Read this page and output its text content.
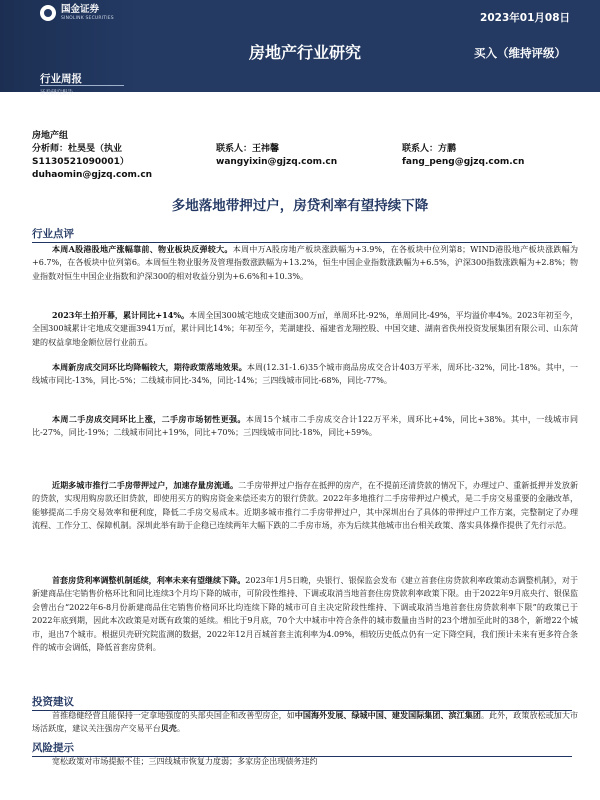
国金证券
SINOLINK SECURITIES	2023年01月08日
房地产行业研究	买入（维持评级）
行业周报
证券研究报告
房地产组
分析师：杜昊旻（执业
S1130521090001）
duhaomin@gjzq.com.cn
联系人：王祎馨
wangyixin@gjzq.com.cn
联系人：方鹏
fang_peng@gjzq.com.cn
多地落地带押过户，房贷利率有望持续下降
行业点评

本周A股港股地产涨幅靠前、物业板块反弹较大。本周中万A股房地产板块涨跌幅为+3.9%，在各板块中位列第8；WIND港股地产板块涨跌幅为+6.7%，在各板块中位列第6。本周恒生物业服务及管理指数涨跌幅为+13.2%，恒生中国企业指数涨跌幅为+6.5%，沪深300指数涨跌幅为+2.8%；物业指数对恒生中国企业指数和沪深300的相对收益分别为+6.6%和+10.3%。

2023年土拍开幕，累计同比+14%。本周全国300城宅地成交建面300万㎡，单周环比-92%，单周同比-49%，平均溢价率4%。2023年初至今，全国300城累计宅地成交建面3941万㎡，累计同比14%；年初至今，芜湖建投、福建省龙翔控股、中国交建、湖南省佚州投资发展集团有限公司、山东菏建的权益拿地金额位居行业前五。

本周新房成交同环比均降幅较大，期待政策落地效果。本周(12.31-1.6)35个城市商品房成交合计403万平米，周环比-32%，同比-18%。其中，一线城市同比-13%，同比-5%；二线城市同比-34%，同比-14%；三四线城市同比-68%，同比-77%。

本周二手房成交同环比上涨，二手房市场韧性更强。本周15个城市二手房成交合计122万平米，周环比+4%，同比+38%。其中，一线城市同比-27%，同比-19%；二线城市同比+19%，同比+70%；三四线城市同比-18%，同比+59%。

近期多城市推行二手房带押过户，加速存量房流通。二手房带押过户指存在抵押的房产，在不提前还清贷款的情况下，办理过户、重新抵押并发放新的贷款，实现用购房款还旧贷款，即使用买方的购房资金来偿还卖方的银行贷款。2022年多地推行二手房带押过户模式，是二手房交易重要的金融改革，能够提高二手房交易效率和便利度，降低二手房交易成本。近期多城市推行二手房带押过户，其中深圳出台了具体的带押过户工作方案，完整制定了办理流程、工作分工、保障机制。深圳此举有助于企稳已连续两年大幅下跌的二手房市场，亦为后续其他城市出台相关政策、落实具体操作提供了先行示范。

首套房贷利率调整机制延续，利率未来有望继续下降。2023年1月5日晚，央银行、银保监会发布《建立首套住房贷款利率政策动态调整机制》，对于新建商品住宅销售价格环比和同比连续3个月均下降的城市，可阶段性维持、下调或取消当地首套住房贷款利率政策下限。由于2022年9月底央行、银保监会曾出台“2022年6-8月份新建商品住宅销售价格同环比均连续下降的城市可自主决定阶段性维持、下调或取消当地首套住房贷款利率下限”的政策已于2022年底到期，因此本次政策是对既有政策的延续。相比于9月底，70个大中城市中符合条件的城市数量由当时的23个增加至此时的38个，新增22个城市，退出7个城市。根据贝壳研究院监测的数据，2022年12月百城首套主流利率为4.09%，相较历史低点仍有一定下降空间，我们预计未来有更多符合条件的城市会调低，降低首套房贷利。

投资建议

首推稳健经营且能保持一定拿地强度的头部央国企和改善型房企，如中国海外发展、绿城中国、建发国际集团、滨江集团。此外，政策放松或加大市场活跃度，建议关注强房产交易平台贝壳。

风险提示

宽松政策对市场提振不佳；三四线城市恢复力度弱；多家房企出现债务违约
